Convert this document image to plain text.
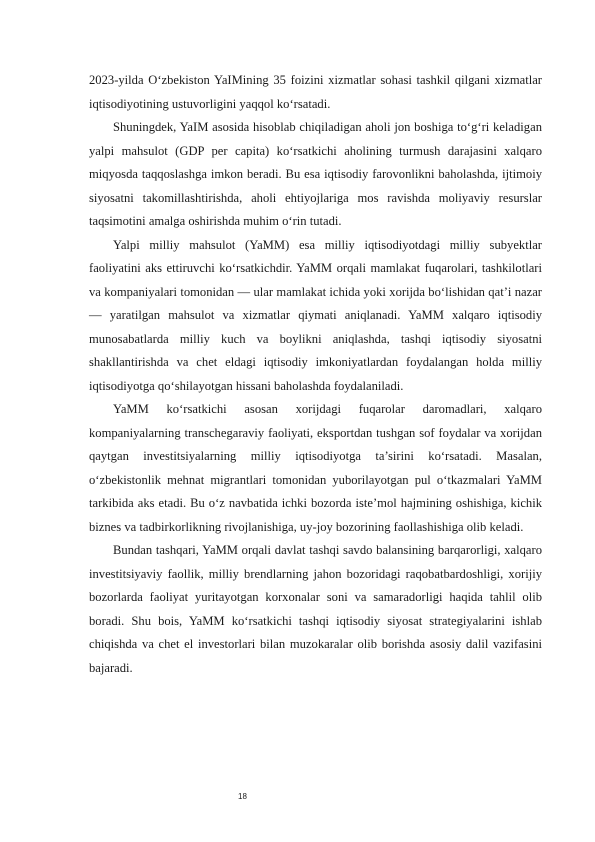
2023-yilda O‘zbekiston YaIMining 35 foizini xizmatlar sohasi tashkil qilgani xizmatlar iqtisodiyotining ustuvorligini yaqqol ko‘rsatadi.

Shuningdek, YaIM asosida hisoblab chiqiladigan aholi jon boshiga to‘g‘ri keladigan yalpi mahsulot (GDP per capita) ko‘rsatkichi aholining turmush darajasini xalqaro miqyosda taqqoslashga imkon beradi. Bu esa iqtisodiy farovonlikni baholashda, ijtimoiy siyosatni takomillashtirishda, aholi ehtiyojlariga mos ravishda moliyaviy resurslar taqsimotini amalga oshirishda muhim o‘rin tutadi.

Yalpi milliy mahsulot (YaMM) esa milliy iqtisodiyotdagi milliy subyektlar faoliyatini aks ettiruvchi ko‘rsatkichdir. YaMM orqali mamlakat fuqarolari, tashkilotlari va kompaniyalari tomonidan — ular mamlakat ichida yoki xorijda bo‘lishidan qat’i nazar — yaratilgan mahsulot va xizmatlar qiymati aniqlanadi. YaMM xalqaro iqtisodiy munosabatlarda milliy kuch va boylikni aniqlashda, tashqi iqtisodiy siyosatni shakllantirishda va chet eldagi iqtisodiy imkoniyatlardan foydalangan holda milliy iqtisodiyotga qo‘shilayotgan hissani baholashda foydalaniladi.

YaMM ko‘rsatkichi asosan xorijdagi fuqarolar daromadlari, xalqaro kompaniyalarning transchegaraviy faoliyati, eksportdan tushgan sof foydalar va xorijdan qaytgan investitsiyalarning milliy iqtisodiyotga ta’sirini ko‘rsatadi. Masalan, o‘zbekistonlik mehnat migrantlari tomonidan yuborilayotgan pul o‘tkazmalari YaMM tarkibida aks etadi. Bu o‘z navbatida ichki bozorda iste’mol hajmining oshishiga, kichik biznes va tadbirkorlikning rivojlanishiga, uy-joy bozorining faollashishiga olib keladi.

Bundan tashqari, YaMM orqali davlat tashqi savdo balansining barqarorligi, xalqaro investitsiyaviy faollik, milliy brendlarning jahon bozoridagi raqobatbardoshligi, xorijiy bozorlarda faoliyat yuritayotgan korxonalar soni va samaradorligi haqida tahlil olib boradi. Shu bois, YaMM ko‘rsatkichi tashqi iqtisodiy siyosat strategiyalarini ishlab chiqishda va chet el investorlari bilan muzokaralar olib borishda asosiy dalil vazifasini bajaradi.

18
